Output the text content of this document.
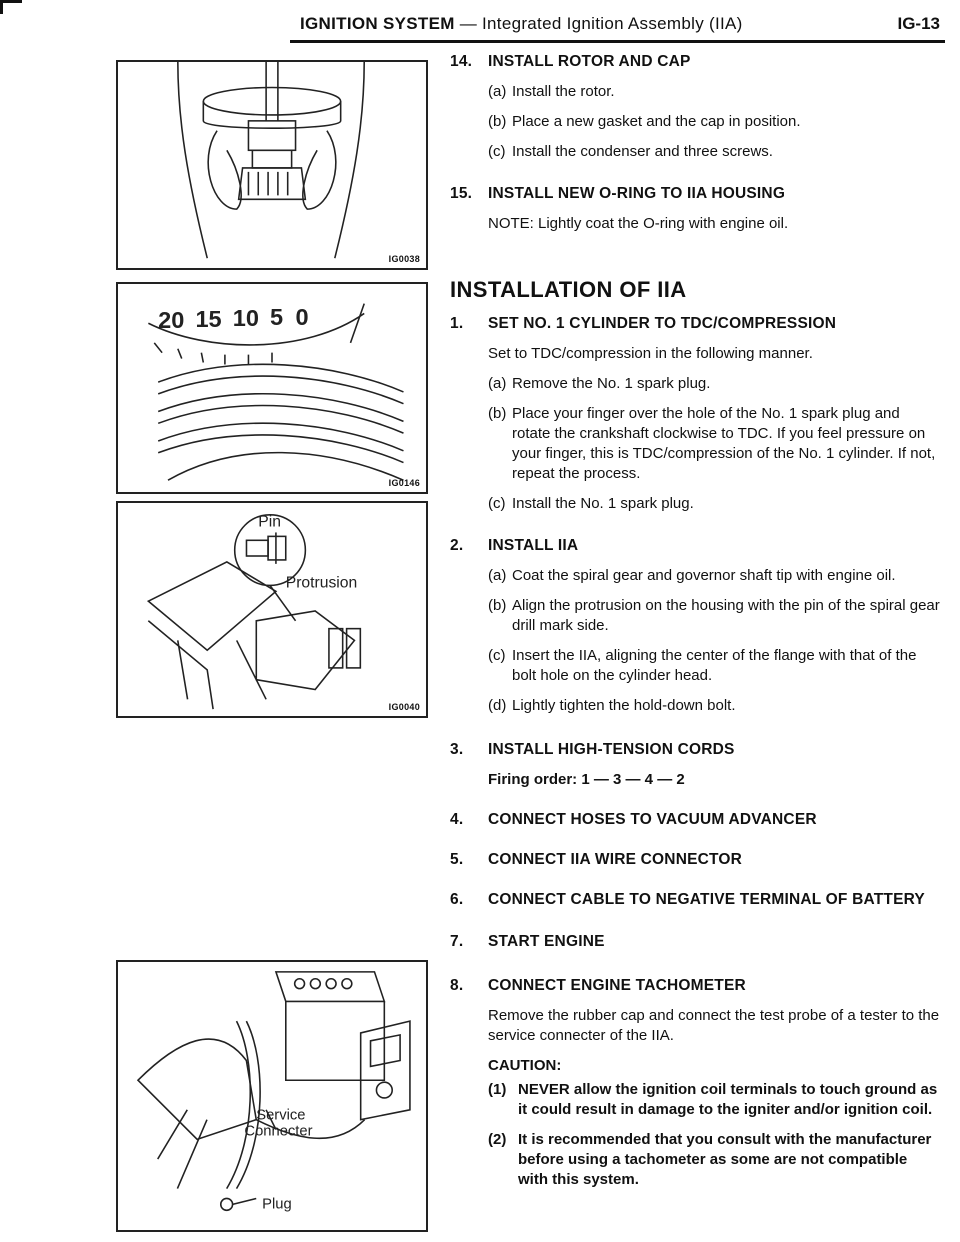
IGNITION SYSTEM — Integrated Ignition Assembly (IIA)	IG-13
IG0038
20 15 10 5 0
IG0146
Pin
Protrusion
IG0040
Service
Connecter
Plug
14.	INSTALL ROTOR AND CAP
(a) Install the rotor.
(b) Place a new gasket and the cap in position.
(c) Install the condenser and three screws.
15.	INSTALL NEW O-RING TO IIA HOUSING
NOTE: Lightly coat the O-ring with engine oil.
INSTALLATION OF IIA
1.	SET NO. 1 CYLINDER TO TDC/COMPRESSION
Set to TDC/compression in the following manner.
(a) Remove the No. 1 spark plug.
(b) Place your finger over the hole of the No. 1 spark plug and rotate the crankshaft clockwise to TDC. If you feel pressure on your finger, this is TDC/compression of the No. 1 cylinder. If not, repeat the process.
(c) Install the No. 1 spark plug.
2.	INSTALL IIA
(a) Coat the spiral gear and governor shaft tip with engine oil.
(b) Align the protrusion on the housing with the pin of the spiral gear drill mark side.
(c) Insert the IIA, aligning the center of the flange with that of the bolt hole on the cylinder head.
(d) Lightly tighten the hold-down bolt.
3.	INSTALL HIGH-TENSION CORDS
Firing order: 1 — 3 — 4 — 2
4.	CONNECT HOSES TO VACUUM ADVANCER
5.	CONNECT IIA WIRE CONNECTOR
6.	CONNECT CABLE TO NEGATIVE TERMINAL OF BATTERY
7.	START ENGINE
8.	CONNECT ENGINE TACHOMETER
Remove the rubber cap and connect the test probe of a tester to the service connecter of the IIA.
CAUTION:
(1) NEVER allow the ignition coil terminals to touch ground as it could result in damage to the igniter and/or ignition coil.
(2) It is recommended that you consult with the manufacturer before using a tachometer as some are not compatible with this system.
